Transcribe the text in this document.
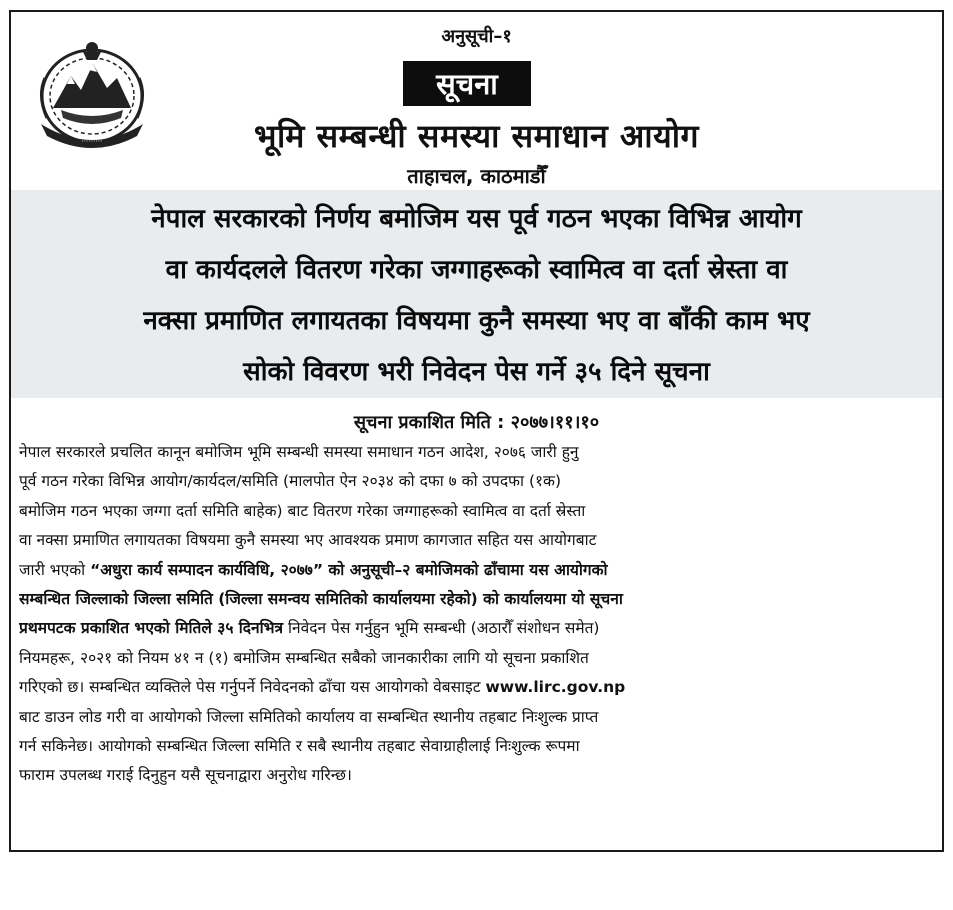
अनुसूची–१
⋯⋯⋯
सूचना
भूमि सम्बन्धी समस्या समाधान आयोग
ताहाचल, काठमाडौँ

नेपाल सरकारको निर्णय बमोजिम यस पूर्व गठन भएका विभिन्न आयोग
वा कार्यदलले वितरण गरेका जग्गाहरूको स्वामित्व वा दर्ता स्रेस्ता वा
नक्सा प्रमाणित लगायतका विषयमा कुनै समस्या भए वा बाँकी काम भए
सोको विवरण भरी निवेदन पेस गर्ने ३५ दिने सूचना

सूचना प्रकाशित मिति : २०७७।११।१०
नेपाल सरकारले प्रचलित कानून बमोजिम भूमि सम्बन्धी समस्या समाधान गठन आदेश, २०७६ जारी हुनु
पूर्व गठन गरेका विभिन्न आयोग/कार्यदल/समिति (मालपोत ऐन २०३४ को दफा ७ को उपदफा (१क)
बमोजिम गठन भएका जग्गा दर्ता समिति बाहेक) बाट वितरण गरेका जग्गाहरूको स्वामित्व वा दर्ता स्रेस्ता
वा नक्सा प्रमाणित लगायतका विषयमा कुनै समस्या भए आवश्यक प्रमाण कागजात सहित यस आयोगबाट
जारी भएको “अधुरा कार्य सम्पादन कार्यविधि, २०७७” को अनुसूची–२ बमोजिमको ढाँचामा यस आयोगको
सम्बन्धित जिल्लाको जिल्ला समिति (जिल्ला समन्वय समितिको कार्यालयमा रहेको) को कार्यालयमा यो सूचना
प्रथमपटक प्रकाशित भएको मितिले ३५ दिनभित्र निवेदन पेस गर्नुहुन भूमि सम्बन्धी (अठारौँ संशोधन समेत)
नियमहरू, २०२१ को नियम ४१ न (१) बमोजिम सम्बन्धित सबैको जानकारीका लागि यो सूचना प्रकाशित
गरिएको छ। सम्बन्धित व्यक्तिले पेस गर्नुपर्ने निवेदनको ढाँचा यस आयोगको वेबसाइट www.lirc.gov.np
बाट डाउन लोड गरी वा आयोगको जिल्ला समितिको कार्यालय वा सम्बन्धित स्थानीय तहबाट निःशुल्क प्राप्त
गर्न सकिनेछ। आयोगको सम्बन्धित जिल्ला समिति र सबै स्थानीय तहबाट सेवाग्राहीलाई निःशुल्क रूपमा
फाराम उपलब्ध गराई दिनुहुन यसै सूचनाद्वारा अनुरोध गरिन्छ।
